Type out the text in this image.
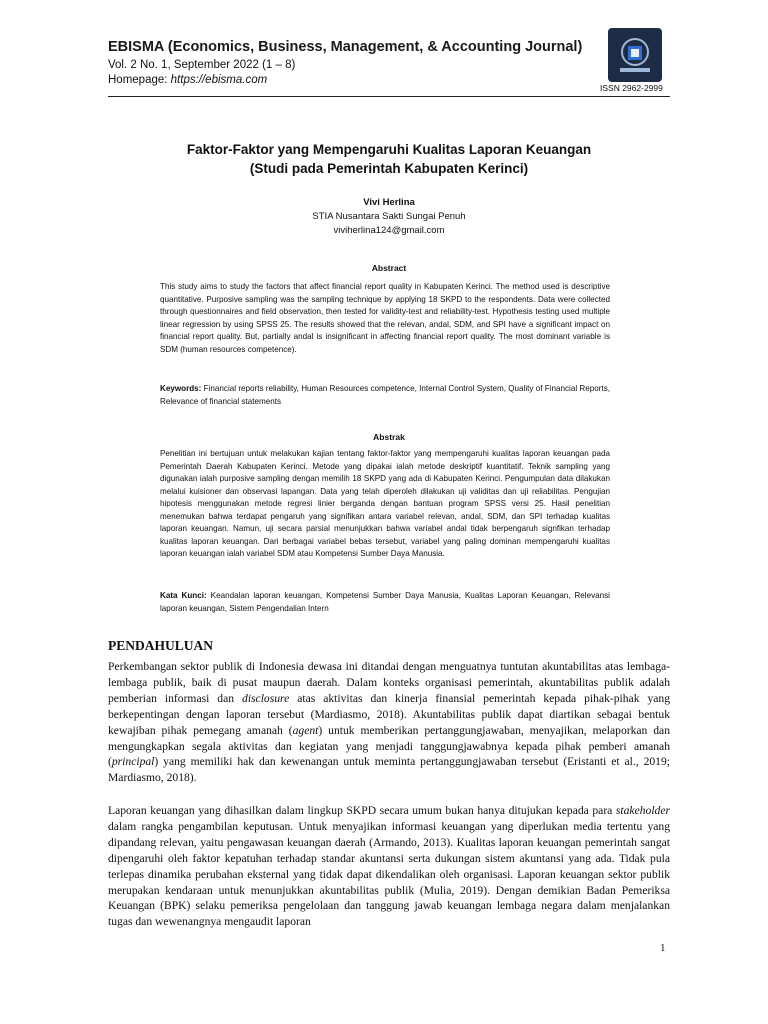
EBISMA (Economics, Business, Management, & Accounting Journal)

Vol. 2 No. 1, September 2022 (1 – 8)

Homepage: https://ebisma.com

ISSN 2962-2999
Faktor-Faktor yang Mempengaruhi Kualitas Laporan Keuangan
(Studi pada Pemerintah Kabupaten Kerinci)
Vivi Herlina
STIA Nusantara Sakti Sungai Penuh
viviherlina124@gmail.com
Abstract

This study aims to study the factors that affect financial report quality in Kabupaten Kerinci. The method used is descriptive quantitative. Purposive sampling was the sampling technique by applying 18 SKPD to the respondents. Data were collected through questionnaires and field observation, then tested for validity-test and reliability-test. Hypothesis testing used multiple linear regression by using SPSS 25. The results showed that the relevan, andal, SDM, and SPI have a significant impact on financial report quality. But, partially andal is insignificant in affecting financial report quality. The most dominant variable is SDM (human resources competence).

Keywords: Financial reports reliability, Human Resources competence, Internal Control System, Quality of Financial Reports, Relevance of financial statements

Abstrak

Penelitian ini bertujuan untuk melakukan kajian tentang faktor-faktor yang mempengaruhi kualitas laporan keuangan pada Pemerintah Daerah Kabupaten Kerinci. Metode yang dipakai ialah metode deskriptif kuantitatif. Teknik sampling yang digunakan ialah purposive sampling dengan memilih 18 SKPD yang ada di Kabupaten Kerinci. Pengumpulan data dilakukan melalui kuisioner dan observasi lapangan. Data yang telah diperoleh dilakukan uji validitas dan uji reliabilitas. Pengujian hipotesis menggunakan metode regresi linier berganda dengan bantuan program SPSS versi 25. Hasil penelitian menemukan bahwa terdapat pengaruh yang signifikan antara variabel relevan, andal, SDM, dan SPI terhadap kualitas laporan keuangan. Namun, uji secara parsial menunjukkan bahwa variabel andal tidak berpengaruh signfikan terhadap kualitas laporan keuangan. Dari berbagai variabel bebas tersebut, variabel yang paling dominan mempengaruhi kualitas laporan keuangan ialah variabel SDM atau Kompetensi Sumber Daya Manusia.

Kata Kunci: Keandalan laporan keuangan, Kompetensi Sumber Daya Manusia, Kualitas Laporan Keuangan, Relevansi laporan keuangan, Sistem Pengendalian Intern

PENDAHULUAN

Perkembangan sektor publik di Indonesia dewasa ini ditandai dengan menguatnya tuntutan akuntabilitas atas lembaga-lembaga publik, baik di pusat maupun daerah. Dalam konteks organisasi pemerintah, akuntabilitas publik adalah pemberian informasi dan disclosure atas aktivitas dan kinerja finansial pemerintah kepada pihak-pihak yang berkepentingan dengan laporan tersebut (Mardiasmo, 2018). Akuntabilitas publik dapat diartikan sebagai bentuk kewajiban pihak pemegang amanah (agent) untuk memberikan pertanggungjawaban, menyajikan, melaporkan dan mengungkapkan segala aktivitas dan kegiatan yang menjadi tanggungjawabnya kepada pihak pemberi amanah (principal) yang memiliki hak dan kewenangan untuk meminta pertanggungjawaban tersebut (Eristanti et al., 2019; Mardiasmo, 2018).

Laporan keuangan yang dihasilkan dalam lingkup SKPD secara umum bukan hanya ditujukan kepada para stakeholder dalam rangka pengambilan keputusan. Untuk menyajikan informasi keuangan yang diperlukan media tertentu yang dipandang relevan, yaitu pengawasan keuangan daerah (Armando, 2013). Kualitas laporan keuangan pemerintah sangat dipengaruhi oleh faktor kepatuhan terhadap standar akuntansi serta dukungan sistem akuntansi yang ada. Tidak pula terlepas dinamika perubahan eksternal yang tidak dapat dikendalikan oleh organisasi. Laporan keuangan sektor publik merupakan kendaraan untuk menunjukkan akuntabilitas publik (Mulia, 2019). Dengan demikian Badan Pemeriksa Keuangan (BPK) selaku pemeriksa pengelolaan dan tanggung jawab keuangan lembaga negara dalam menjalankan tugas dan wewenangnya mengaudit laporan

1
